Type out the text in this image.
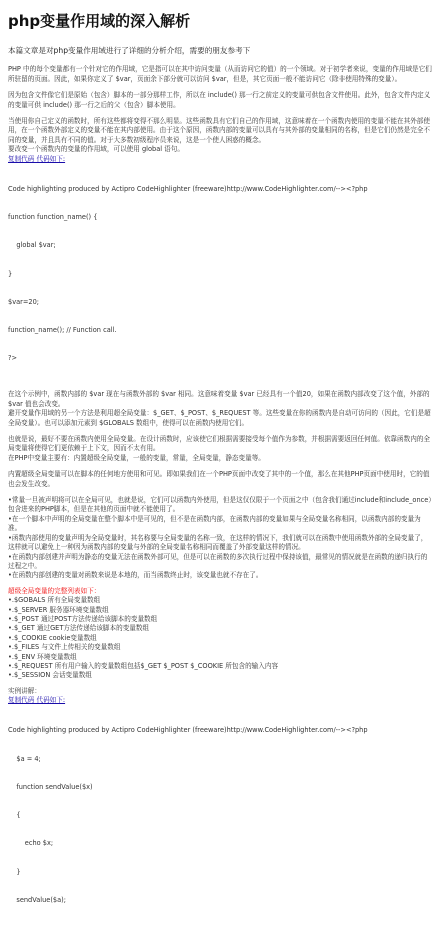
php变量作用域的深入解析

本篇文章是对php变量作用域进行了详细的分析介绍，需要的朋友参考下

PHP 中的每个变量都有一个针对它的作用域，它是指可以在其中访问变量（从而访问它的值）的一个领域。对于初学者来说，变量的作用域是它们所驻留的页面。因此，如果你定义了 $var，页面余下部分就可以访问 $var，但是，其它页面一般不能访问它（除非使用特殊的变量）。

因为包含文件像它们是原始（包含）脚本的一部分那样工作，所以在 include() 那一行之前定义的变量可供包含文件使用。此外，包含文件内定义的变量可供 include() 那一行之后的父（包含）脚本使用。

当使用你自己定义的函数时，所有这些都将变得不那么明显。这些函数具有它们自己的作用域，这意味着在一个函数内使用的变量不能在其外部使用，在一个函数外部定义的变量不能在其内部使用。由于这个原因，函数内部的变量可以具有与其外部的变量相同的名称，但是它们仍然是完全不同的变量，并且具有不同的值。对于大多数初级程序员来说，这是一个使人困惑的概念。

要改变一个函数内的变量的作用域，可以使用 global 语句。

复制代码 代码如下:

Code highlighting produced by Actipro CodeHighlighter (freeware)http://www.CodeHighlighter.com/--><?php

function function_name() {

global $var;

}

$var=20;

function_name(); // Function call.

?>

在这个示例中，函数内部的 $var 现在与函数外部的 $var 相同。这意味着变量 $var 已经具有一个值20，如果在函数内部改变了这个值，外部的 $var 值也会改变。

避开变量作用域的另一个方法是利用超全局变量：$_GET、$_POST、$_REQUEST 等。这些变量在你的函数内是自动可访问的（因此，它们是超全局变量）。也可以添加元素到 $GLOBALS 数组中，使得可以在函数内使用它们。

也就是说，最好不要在函数内使用全局变量。在设计函数时，应该使它们根据需要接受每个值作为参数，并根据需要返回任何值。依靠函数内的全局变量将使得它们更依赖于上下文，因而不太有用。

在PHP中变量主要有：内置超级全局变量，一般的变量，常量，全局变量，静态变量等。

内置超级全局变量可以在脚本的任何地方使用和可见。即如果我们在一个PHP页面中改变了其中的一个值，那么在其他PHP页面中使用时，它的值也会发生改变。

•常量一旦被声明将可以在全局可见，也就是说，它们可以函数内外使用，但是这仅仅限于一个页面之中（包含我们通过include和include_once）包含进来的PHP脚本，但是在其他的页面中就不能使用了。
•在一个脚本中声明的全局变量在整个脚本中是可见的，但不是在函数内部，在函数内部的变量如果与全局变量名称相同，以函数内部的变量为准。
•函数内部使用的变量声明为全局变量时，其名称要与全局变量的名称一致，在这样的情况下，我们就可以在函数中使用函数外部的全局变量了，这样就可以避免上一种因为函数内部的变量与外部的全局变量名称相同而覆盖了外部变量这样的情况。
•在函数内部创建并声明为静态的变量无法在函数外部可见，但是可以在函数的多次执行过程中保持该值，最常见的情况就是在函数的递归执行的过程之中。
•在函数内部创建的变量对函数来说是本地的，而当函数终止时，该变量也就不存在了。
超级全局变量的完整列表如下：
•.$GOBALS 所有全局变量数组
•.$_SERVER 服务器环境变量数组
•.$_POST 通过POST方法传递给该脚本的变量数组
•.$_GET 通过GET方法传递给该脚本的变量数组
•.$_COOKIE cookie变量数组
•.$_FILES 与文件上传相关的变量数组
•.$_ENV 环境变量数组
•.$_REQUEST 所有用户输入的变量数组包括$_GET $_POST $_COOKIE 所包含的输入内容
•.$_SESSION 会话变量数组
实例讲解：
复制代码 代码如下:

Code highlighting produced by Actipro CodeHighlighter (freeware)http://www.CodeHighlighter.com/--><?php

$a = 4;

function sendValue($x)

{

echo $x;

}

sendValue($a);
